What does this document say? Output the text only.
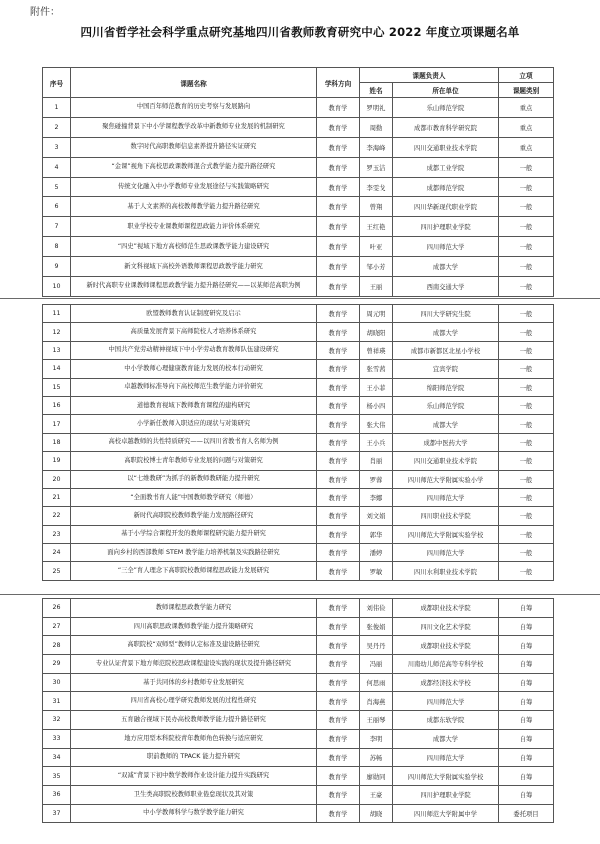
附件：
四川省哲学社会科学重点研究基地四川省教师教育研究中心 2022 年度立项课题名单
序号	课题名称	学科方向	课题负责人		立项
			姓名	所在单位	课题类别
1	中国百年师范教育的历史考察与发展路向	教育学	罗明礼	乐山师范学院	重点
2	聚焦碰撞背景下中小学课程教学改革中新教师专业发展的机制研究	教育学	周勤	成都市教育科学研究院	重点
3	数字时代高职教师信息素养提升路径实证研究	教育学	李海峰	四川交通职业技术学院	重点
4	“金课”视角下高校思政课教师混合式教学能力提升路径研究	教育学	罗玉洁	成都工业学院	一般
5	传统文化融入中小学教师专业发展途径与实践策略研究	教育学	李雯戈	成都师范学院	一般
6	基于人文素养的高校教师教学能力提升路径研究	教育学	曾翔	四川华新现代职业学院	一般
7	职业学校专业课教师课程思政能力评价体系研究	教育学	王红艳	四川护理职业学院	一般
8	“四史”视域下地方高校师范生思政课教学能力建设研究	教育学	叶亚	四川师范大学	一般
9	新文科视域下高校外语教师课程思政教学能力研究	教育学	邹小芳	成都大学	一般
10	新时代高职专业课教师课程思政教学能力提升路径研究——以某师范高职为例	教育学	王丽	西南交通大学	一般
11	欧盟教师教育认证制度研究及启示	教育学	周元明	四川大学研究生院	一般
12	高质量发展背景下高师院校人才培养体系研究	教育学	胡晓阳	成都大学	一般
13	中国共产党劳动精神视域下中小学劳动教育教师队伍建设研究	教育学	曾祥瑛	成都市新都区北星小学校	一般
14	中小学教师心理健康教育能力发展的校本行动研究	教育学	张雪茜	宜宾学院	一般
15	卓越教师标准导向下高校师范生教学能力评价研究	教育学	王小菲	绵阳师范学院	一般
16	道德教育视域下教师教育课程的建构研究	教育学	杨小四	乐山师范学院	一般
17	小学新任教师入职适应的现状与对策研究	教育学	张大伟	成都大学	一般
18	高校卓越教师的共性特质研究——以四川省教书育人名师为例	教育学	王小兵	成都中医药大学	一般
19	高职院校博士青年教师专业发展的问题与对策研究	教育学	肖丽	四川交通职业技术学院	一般
20	以“七维教研”为抓手的新教师教研能力提升研究	教育学	罗蓉	四川师范大学附属实验小学	一般
21	“全面教书育人能”中国教师教学研究（师德）	教育学	李娜	四川师范大学	一般
22	新时代高职院校教师教学能力发展路径研究	教育学	刘文娟	四川职业技术学院	一般
23	基于小学综合课程开发的教师课程研究能力提升研究	教育学	郭华	四川师范大学附属实验学校	一般
24	面向乡村的西部教师 STEM 教学能力培养机制及实践路径研究	教育学	潘婷	四川师范大学	一般
25	“三全”育人理念下高职院校教师课程思政能力发展研究	教育学	罗敏	四川水利职业技术学院	一般
26	教师课程思政教学能力研究	教育学	刘伟俭	成都职业技术学院	自筹
27	四川高职思政课教师教学能力提升策略研究	教育学	张俊娟	四川文化艺术学院	自筹
28	高职院校“双师型”教师认定标准及建设路径研究	教育学	吴丹丹	成都职业技术学院	自筹
29	专业认证背景下地方师范院校思政课程建设实践的现状及提升路径研究	教育学	冯丽	川南幼儿师范高等专科学校	自筹
30	基于共同体的乡村教师专业发展研究	教育学	何思雨	成都经济技术学校	自筹
31	四川省高校心理学研究教师发展的过程性研究	教育学	肖海燕	四川师范大学	自筹
32	五育融合视域下民办高校教师教学能力提升路径研究	教育学	王丽琴	成都东软学院	自筹
33	地方应用型本科院校青年教师角色转换与适应研究	教育学	李明	成都大学	自筹
34	职前教师的 TPACK 能力提升研究	教育学	苏畅	四川师范大学	自筹
35	“双减”背景下初中数学教师作业设计能力提升实践研究	教育学	廖勋同	四川师范大学附属实验学校	自筹
36	卫生类高职院校教师职业倦怠现状及其对策	教育学	王豪	四川护理职业学院	自筹
37	中小学教师科学与数学教学能力研究	教育学	胡晓	四川师范大学附属中学	委托项目
